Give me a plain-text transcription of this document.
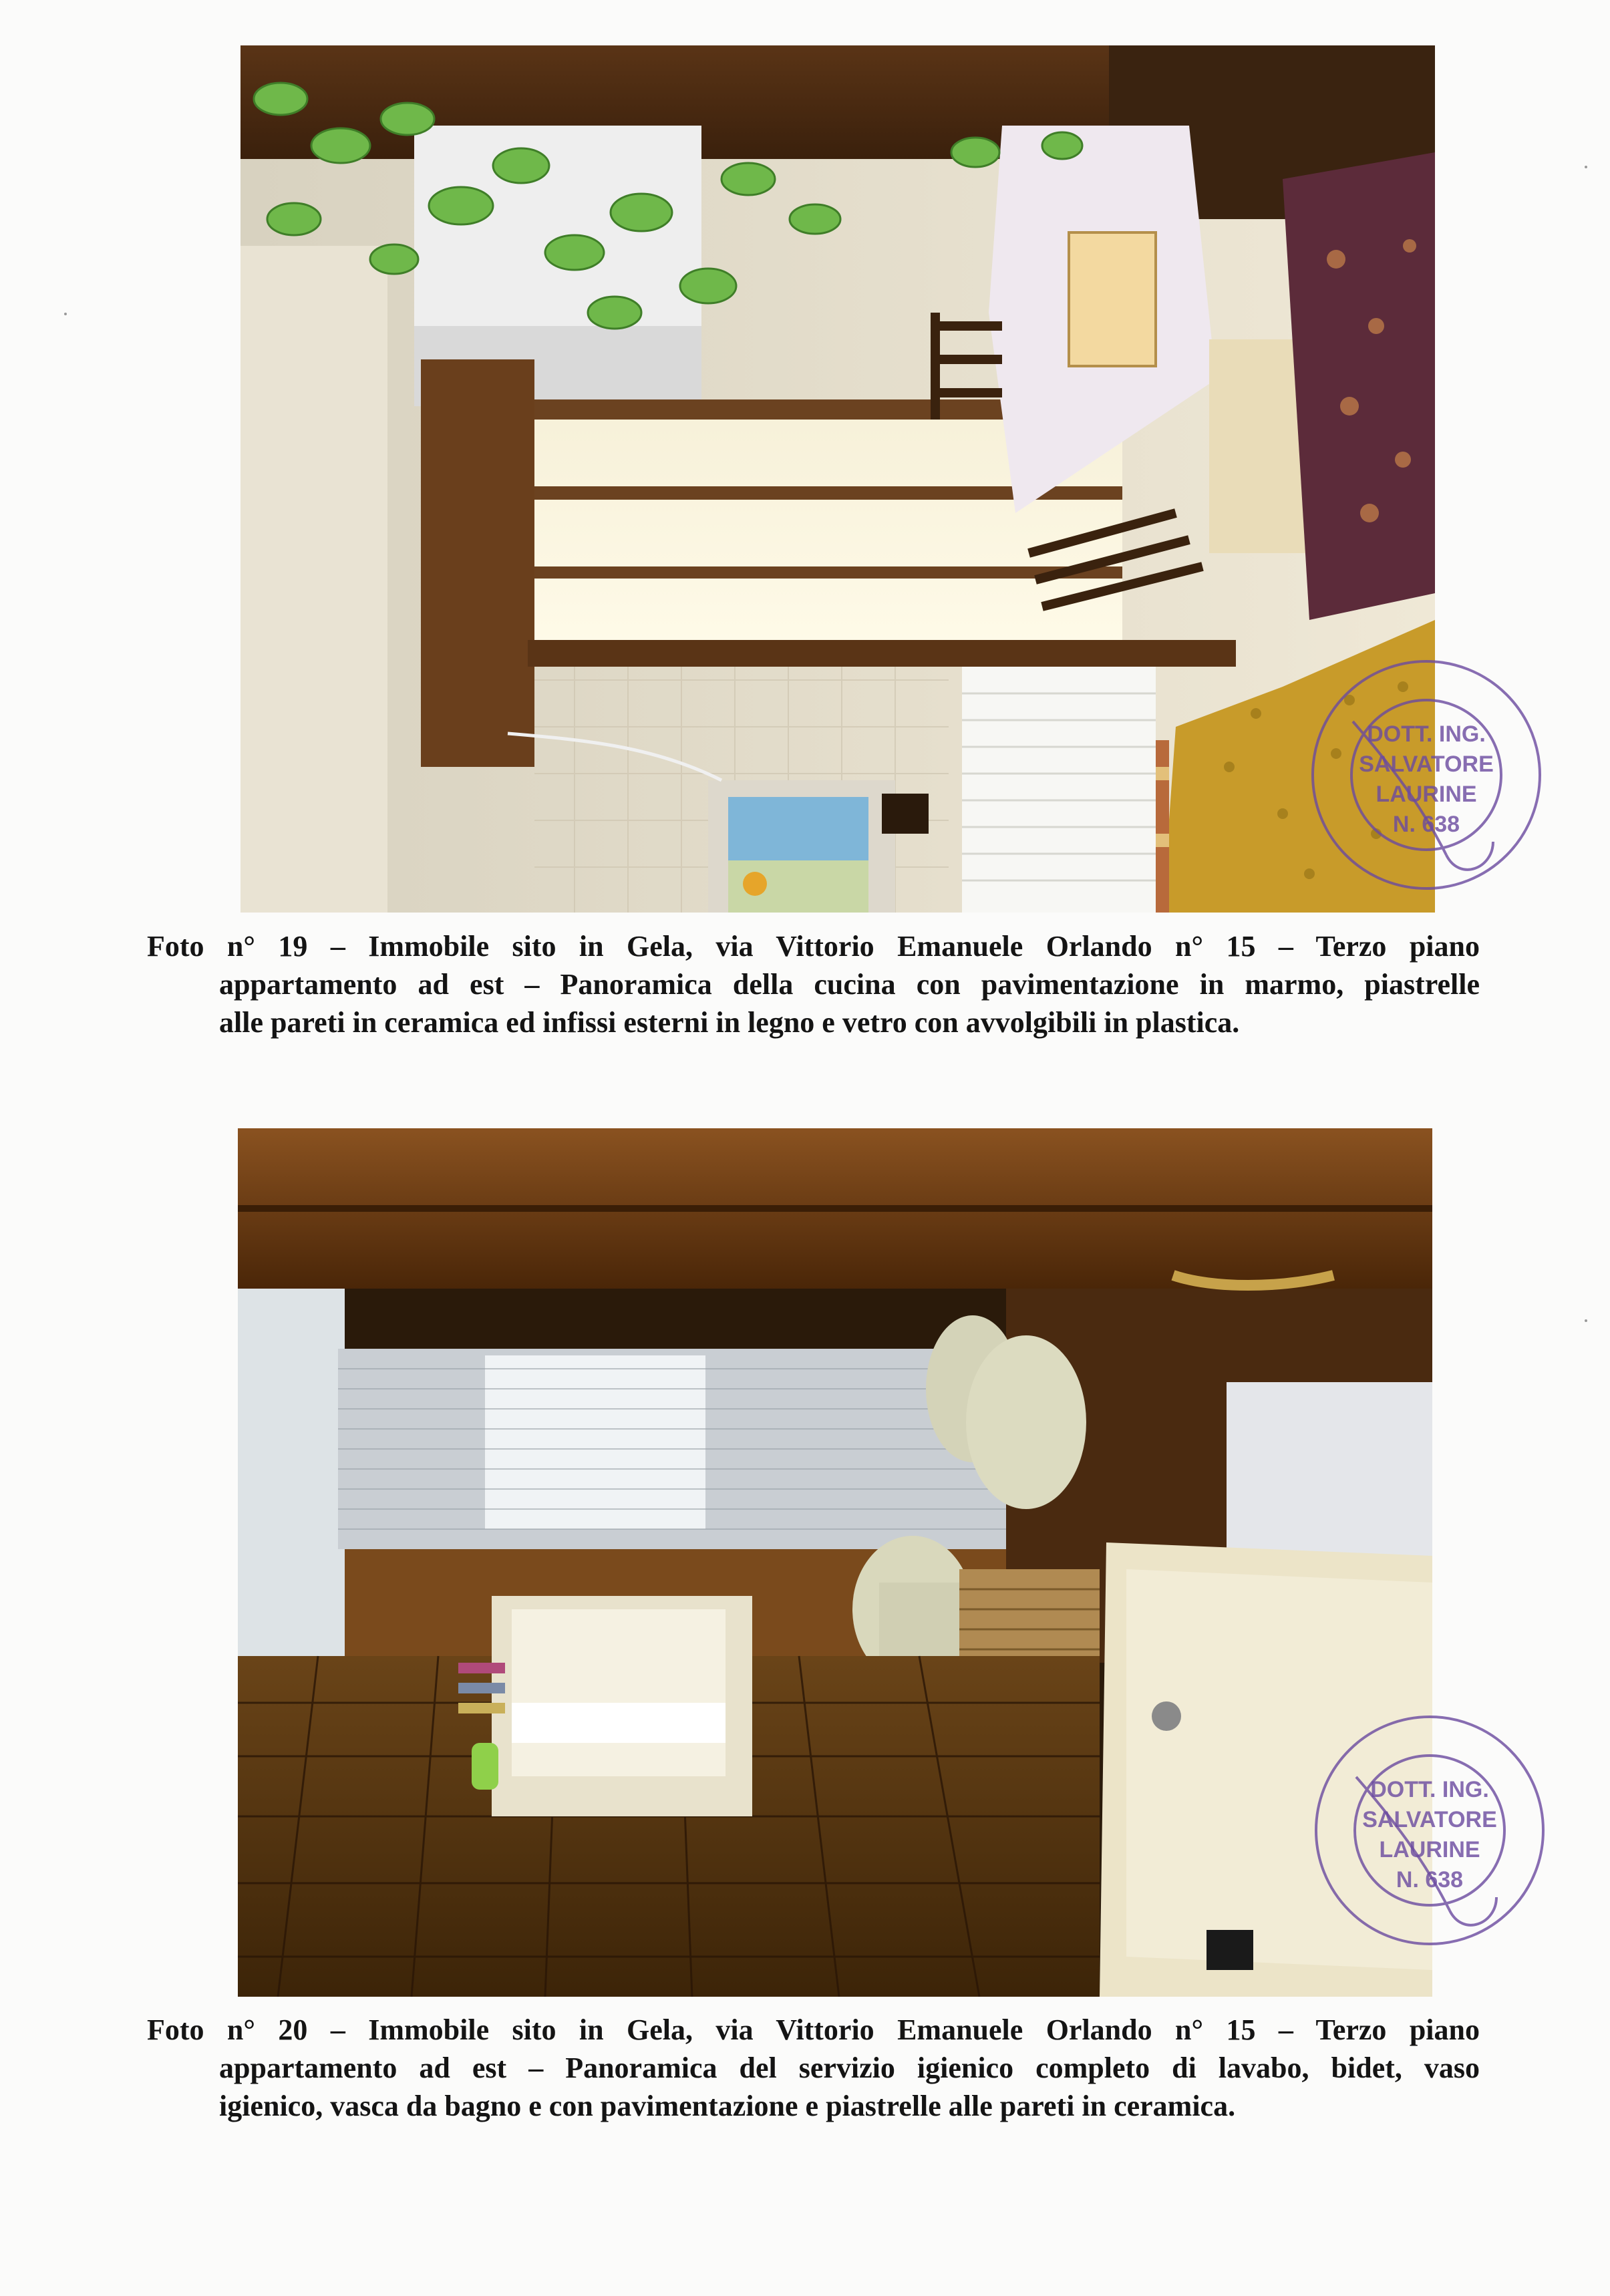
DOTT. ING.
SALVATORE
LAURINE
N. 638
Foto n° 19 – Immobile sito in Gela, via Vittorio Emanuele Orlando n° 15 – Terzo piano
appartamento ad est – Panoramica della cucina con pavimentazione in marmo, piastrelle
alle pareti in ceramica ed infissi esterni in legno e vetro con avvolgibili in plastica.
DOTT. ING.
SALVATORE
LAURINE
N. 638
Foto n° 20 – Immobile sito in Gela, via Vittorio Emanuele Orlando n° 15 – Terzo piano
appartamento ad est – Panoramica del servizio igienico completo di lavabo, bidet, vaso
igienico, vasca da bagno e con pavimentazione e piastrelle alle pareti in ceramica.
